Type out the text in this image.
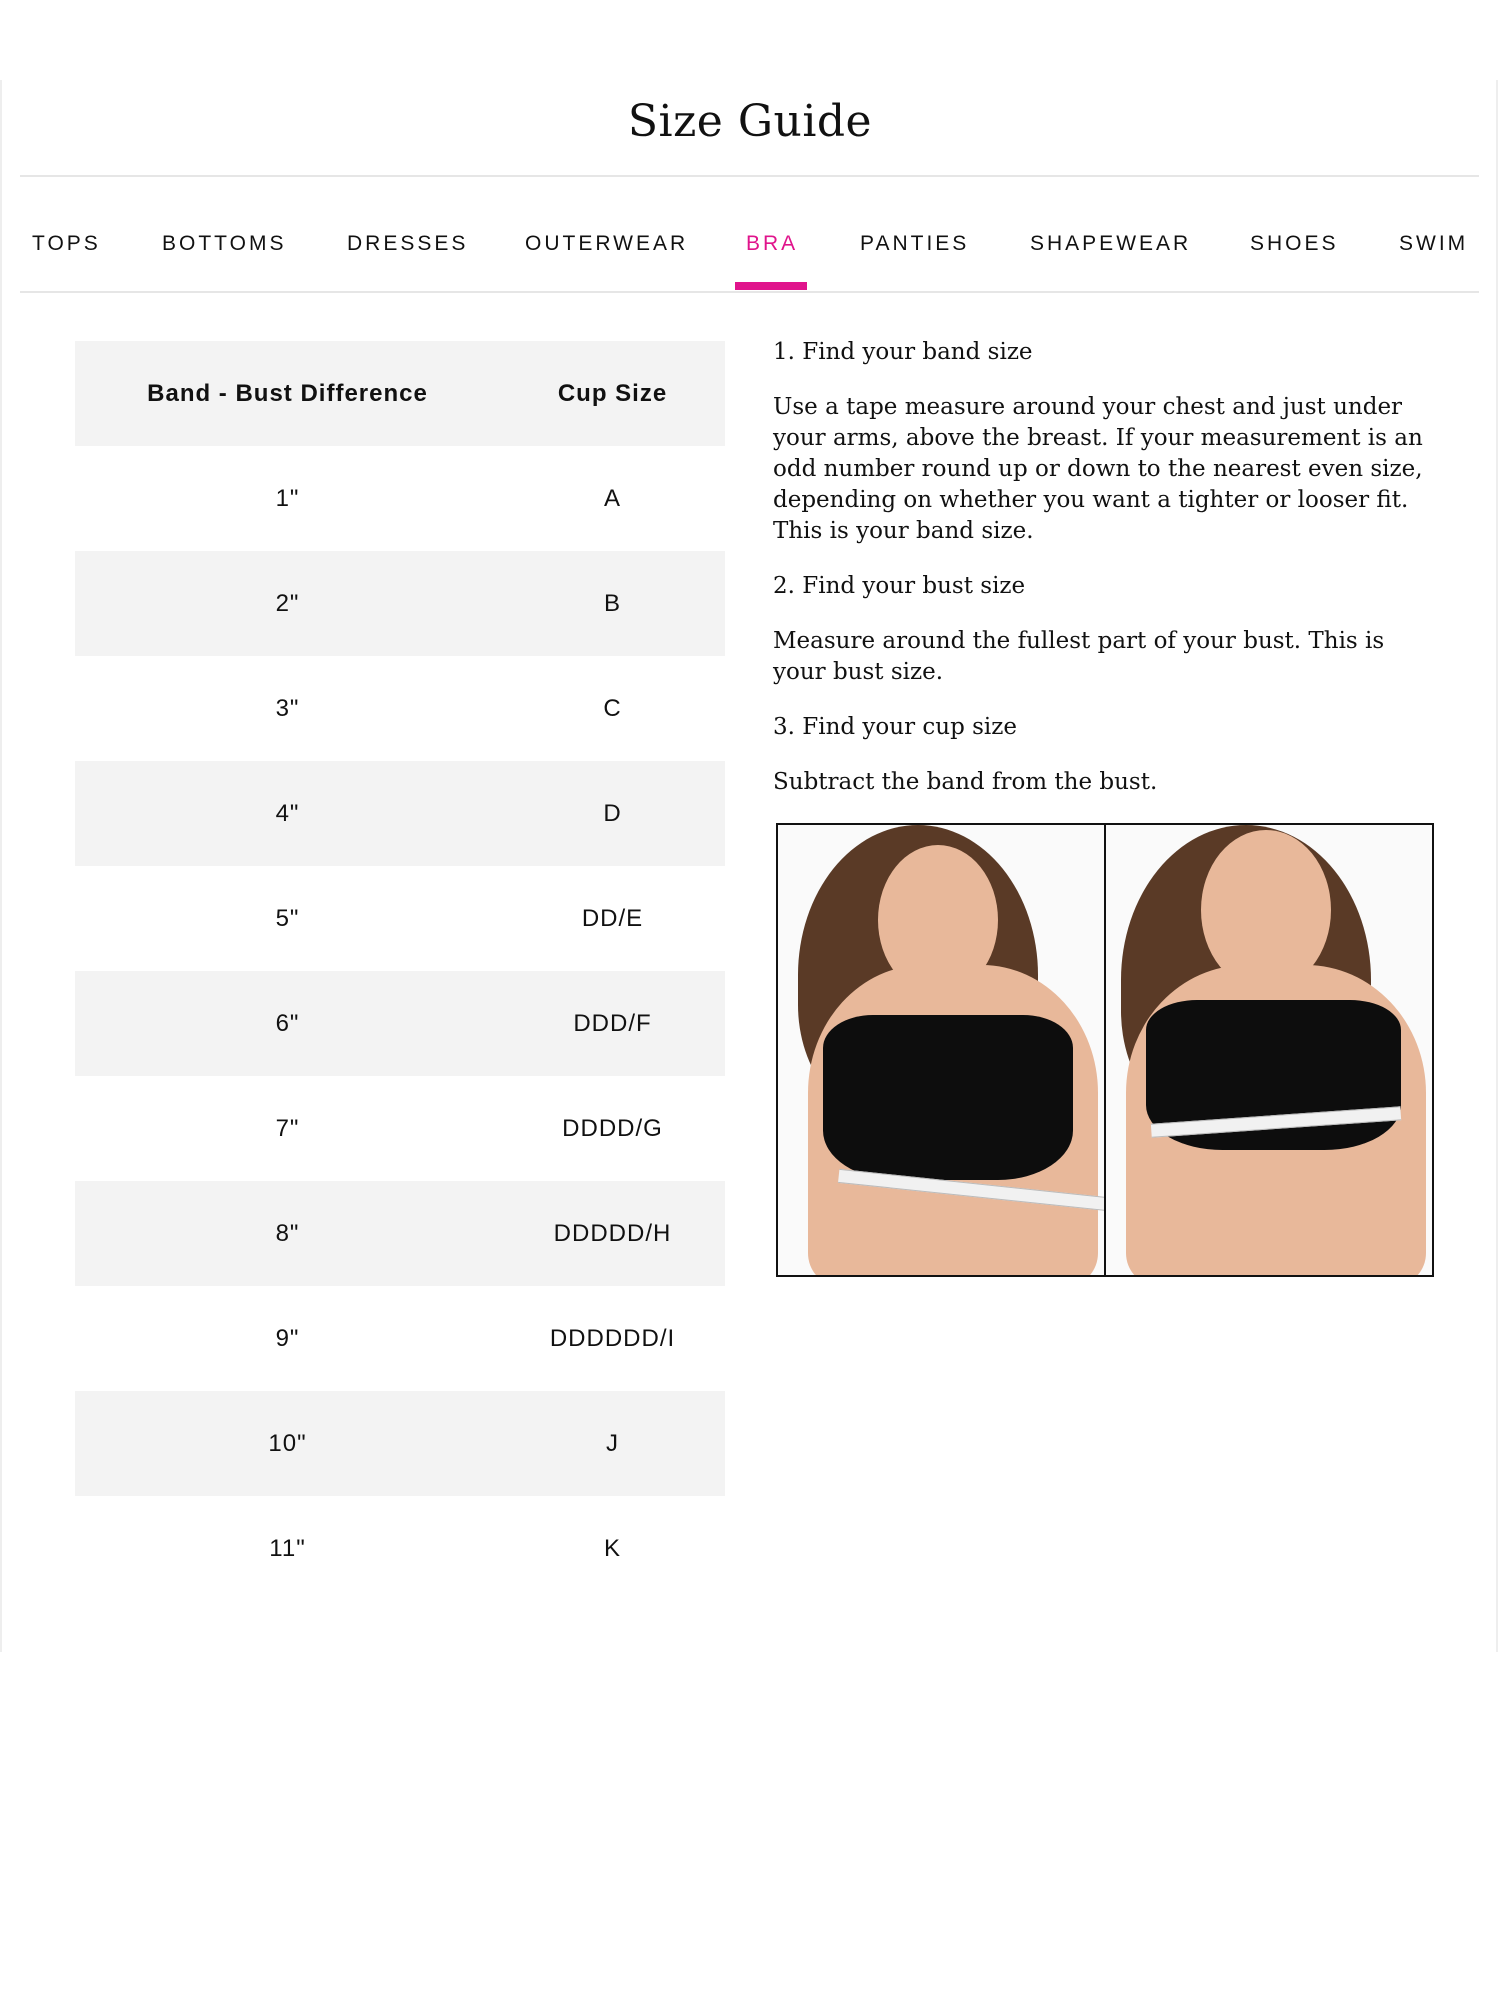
Size Guide
TOPS	BOTTOMS	DRESSES	OUTERWEAR	BRA	PANTIES	SHAPEWEAR	SHOES	SWIM
Band - Bust Difference	Cup Size
1"	A
2"	B
3"	C
4"	D
5"	DD/E
6"	DDD/F
7"	DDDD/G
8"	DDDDD/H
9"	DDDDDD/I
10"	J
11"	K

1. Find your band size

Use a tape measure around your chest and just under your arms, above the breast. If your measurement is an odd number round up or down to the nearest even size, depending on whether you want a tighter or looser fit. This is your band size.

2. Find your bust size

Measure around the fullest part of your bust. This is your bust size.

3. Find your cup size

Subtract the band from the bust.
